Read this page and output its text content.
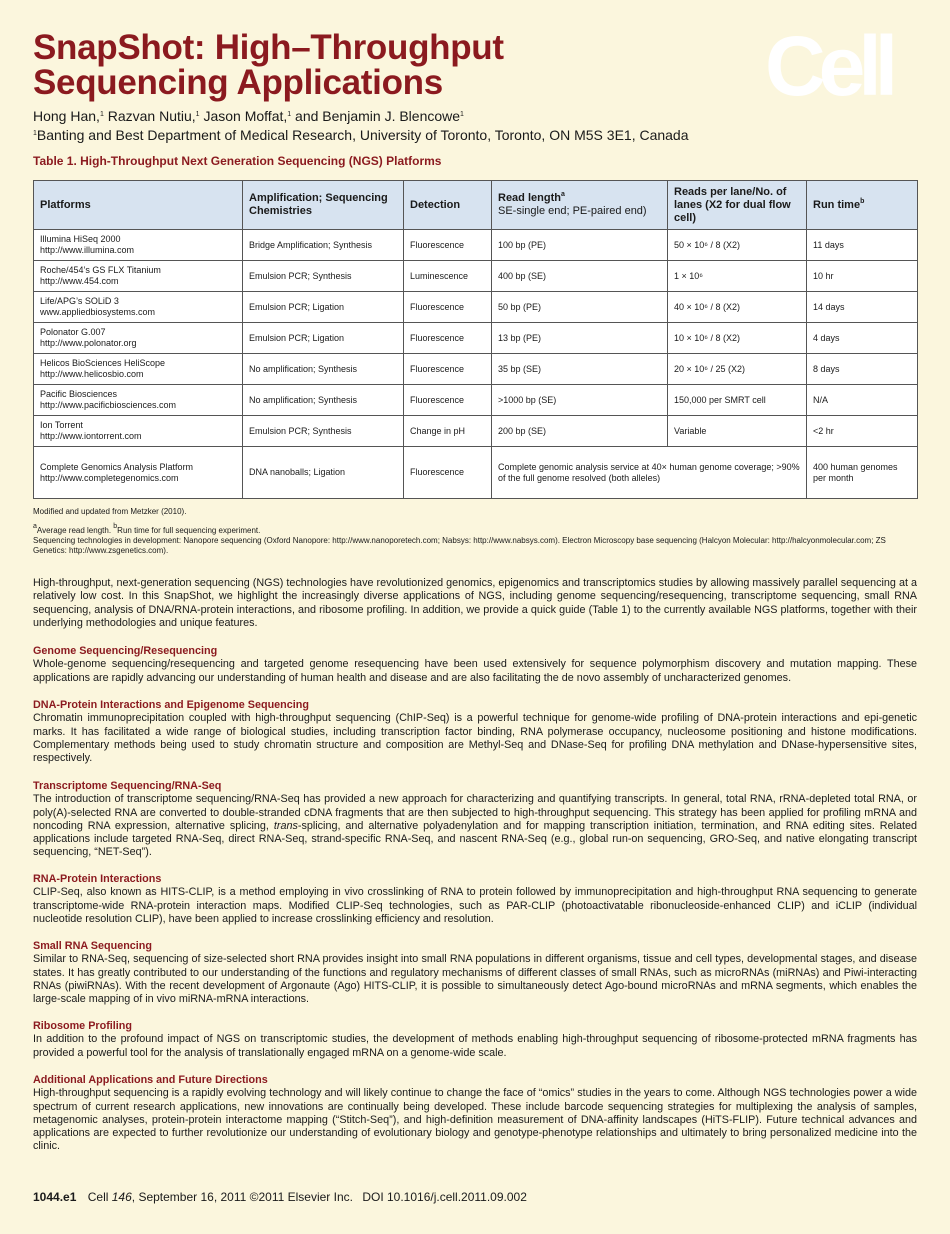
SnapShot: High–Throughput
Sequencing Applications	Cell
Hong Han,$^1$ Razvan Nutiu,$^1$ Jason Moffat,$^1$ and Benjamin J. Blencowe$^1$
$^1$Banting and Best Department of Medical Research, University of Toronto, Toronto, ON M5S 3E1, Canada
Table 1. High-Throughput Next Generation Sequencing (NGS) Platforms
Platforms	Amplification; Sequencing Chemistries	Detection	Read length$^a$
SE-single end; PE-paired end)	Reads per lane/No. of lanes (X2 for dual flow cell)	Run time$^b$

Illumina HiSeq 2000
http://www.illumina.com	Bridge Amplification; Synthesis	Fluorescence	100 bp (PE)	50 × 10⁶ / 8 (X2)	11 days

Roche/454’s GS FLX Titanium
http://www.454.com	Emulsion PCR; Synthesis	Luminescence	400 bp (SE)	1 × 10⁶	10 hr

Life/APG’s SOLiD 3
www.appliedbiosystems.com	Emulsion PCR; Ligation	Fluorescence	50 bp (PE)	40 × 10⁶ / 8 (X2)	14 days

Polonator G.007
http://www.polonator.org	Emulsion PCR; Ligation	Fluorescence	13 bp (PE)	10 × 10⁶ / 8 (X2)	4 days

Helicos BioSciences HeliScope
http://www.helicosbio.com	No amplification; Synthesis	Fluorescence	35 bp (SE)	20 × 10⁶ / 25 (X2)	8 days

Pacific Biosciences
http://www.pacificbiosciences.com	No amplification; Synthesis	Fluorescence	>1000 bp (SE)	150,000 per SMRT cell	N/A

Ion Torrent
http://www.iontorrent.com	Emulsion PCR; Synthesis	Change in pH	200 bp (SE)	Variable	<2 hr

Complete Genomics Analysis Platform
http://www.completegenomics.com	DNA nanoballs; Ligation	Fluorescence	Complete genomic analysis service at 40× human genome coverage; >90% of the full genome resolved (both alleles)		400 human genomes per month
Modified and updated from Metzker (2010).
$^a$Average read length. $^b$Run time for full sequencing experiment.
Sequencing technologies in development: Nanopore sequencing (Oxford Nanopore: http://www.nanoporetech.com; Nabsys: http://www.nabsys.com). Electron Microscopy base sequencing (Halcyon Molecular: http://halcyonmolecular.com; ZS Genetics: http://www.zsgenetics.com).

High-throughput, next-generation sequencing (NGS) technologies have revolutionized genomics, epigenomics and transcriptomics studies by allowing massively parallel sequencing at a relatively low cost. In this SnapShot, we highlight the increasingly diverse applications of NGS, including genome sequencing/resequencing, transcriptome sequencing, small RNA sequencing, analysis of DNA/RNA-protein interactions, and ribosome profiling. In addition, we provide a quick guide (Table 1) to the currently available NGS platforms, together with their underlying methodologies and unique features.

Genome Sequencing/Resequencing

Whole-genome sequencing/resequencing and targeted genome resequencing have been used extensively for sequence polymorphism discovery and mutation mapping. These applications are rapidly advancing our understanding of human health and disease and are also facilitating the de novo assembly of uncharacterized genomes.

DNA-Protein Interactions and Epigenome Sequencing

Chromatin immunoprecipitation coupled with high-throughput sequencing (ChIP-Seq) is a powerful technique for genome-wide profiling of DNA-protein interactions and epi-genetic marks. It has facilitated a wide range of biological studies, including transcription factor binding, RNA polymerase occupancy, nucleosome positioning and histone modifications. Complementary methods being used to study chromatin structure and composition are Methyl-Seq and DNase-Seq for profiling DNA methylation and DNase-hypersensitive sites, respectively.

Transcriptome Sequencing/RNA-Seq

The introduction of transcriptome sequencing/RNA-Seq has provided a new approach for characterizing and quantifying transcripts. In general, total RNA, rRNA-depleted total RNA, or poly(A)-selected RNA are converted to double-stranded cDNA fragments that are then subjected to high-throughput sequencing. This strategy has been applied for profiling mRNA and noncoding RNA expression, alternative splicing, trans-splicing, and alternative polyadenylation and for mapping transcription initiation, termination, and RNA editing sites. Related applications include targeted RNA-Seq, direct RNA-Seq, strand-specific RNA-Seq, and nascent RNA-Seq (e.g., global run-on sequencing, GRO-Seq, and native elongating transcript sequencing, “NET-Seq”).

RNA-Protein Interactions

CLIP-Seq, also known as HITS-CLIP, is a method employing in vivo crosslinking of RNA to protein followed by immunoprecipitation and high-throughput RNA sequencing to generate transcriptome-wide RNA-protein interaction maps. Modified CLIP-Seq technologies, such as PAR-CLIP (photoactivatable ribonucleoside-enhanced CLIP) and iCLIP (individual nucleotide resolution CLIP), have been applied to increase crosslinking efficiency and resolution.

Small RNA Sequencing

Similar to RNA-Seq, sequencing of size-selected short RNA provides insight into small RNA populations in different organisms, tissue and cell types, developmental stages, and disease states. It has greatly contributed to our understanding of the functions and regulatory mechanisms of different classes of small RNAs, such as microRNAs (miRNAs) and Piwi-interacting RNAs (piwiRNAs). With the recent development of Argonaute (Ago) HITS-CLIP, it is possible to simultaneously detect Ago-bound microRNAs and mRNA segments, which enables the large-scale mapping of in vivo miRNA-mRNA interactions.

Ribosome Profiling

In addition to the profound impact of NGS on transcriptomic studies, the development of methods enabling high-throughput sequencing of ribosome-protected mRNA fragments has provided a powerful tool for the analysis of translationally engaged mRNA on a genome-wide scale.

Additional Applications and Future Directions

High-throughput sequencing is a rapidly evolving technology and will likely continue to change the face of “omics” studies in the years to come. Although NGS technologies power a wide spectrum of current research applications, new innovations are continually being developed. These include barcode sequencing strategies for multiplexing the analysis of samples, metagenomic analyses, protein-protein interactome mapping (“Stitch-Seq”), and high-definition measurement of DNA-affinity landscapes (HiTS-FLIP). Future technical advances and applications are expected to further revolutionize our understanding of evolutionary biology and genotype-phenotype relationships and ultimately to bring personalized medicine into the clinic.

1044.e1 Cell 146, September 16, 2011 ©2011 Elsevier Inc. DOI 10.1016/j.cell.2011.09.002
